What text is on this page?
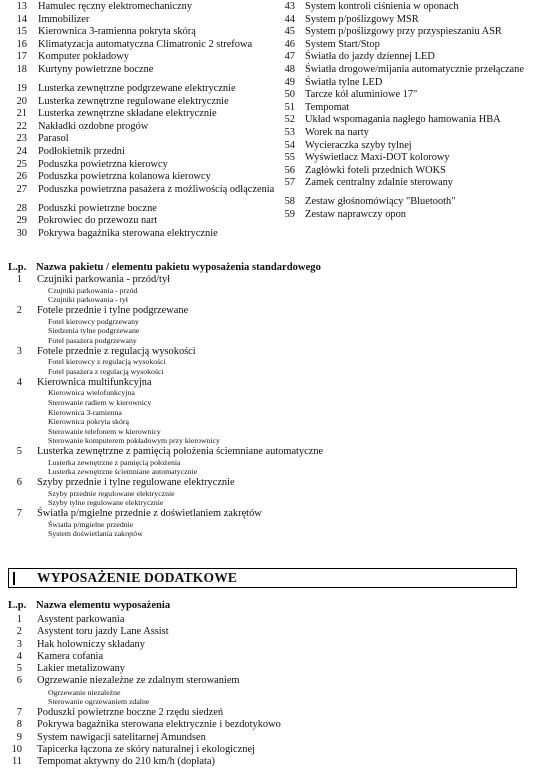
13	Hamulec ręczny elektromechaniczny
14	Immobilizer
15	Kierownica 3-ramienna pokryta skórą
16	Klimatyzacja automatyczna Climatronic 2 strefowa
17	Komputer pokładowy
18	Kurtyny powietrzne boczne
19	Lusterka zewnętrzne podgrzewane elektrycznie
20	Lusterka zewnętrzne regulowane elektrycznie
21	Lusterka zewnętrzne składane elektrycznie
22	Nakładki ozdobne progów
23	Parasol
24	Podłokietnik przedni
25	Poduszka powietrzna kierowcy
26	Poduszka powietrzna kolanowa kierowcy
27	Poduszka powietrzna pasażera z możliwością odłączenia
28	Poduszki powietrzne boczne
29	Pokrowiec do przewozu nart
30	Pokrywa bagażnika sterowana elektrycznie
43 System kontroli ciśnienia w oponach
44 System p/poślizgowy MSR
45 System p/poślizgowy przy przyspieszaniu ASR
46 System Start/Stop
47 Światła do jazdy dziennej LED
48 Światła drogowe/mijania automatycznie przełączane
49 Światła tylne LED
50 Tarcze kół aluminiowe 17"
51 Tempomat
52 Układ wspomagania nagłego hamowania HBA
53 Worek na narty
54 Wycieraczka szyby tylnej
55 Wyświetlacz Maxi-DOT kolorowy
56 Zagłówki foteli przednich WOKS
57 Zamek centralny zdalnie sterowany
58 Zestaw głośnomówiący "Bluetooth"
59 Zestaw naprawczy opon
L.p. Nazwa pakietu / elementu pakietu wyposażenia standardowego
1	Czujniki parkowania - przód/tył
Czujniki parkowania - przód
Czujniki parkowania - tył
2	Fotele przednie i tylne podgrzewane
Fotel kierowcy podgrzewany
Siedzenia tylne podgrzewane
Fotel pasażera podgrzewany
3	Fotele przednie z regulacją wysokości
Fotel kierowcy z regulacją wysokości
Fotel pasażera z regulacją wysokości
4	Kierownica multifunkcyjna
Kierownica wielofunkcyjna
Sterowanie radiem w kierownicy
Kierownica 3-ramienna
Kierownica pokryta skórą
Sterowanie telefonem w kierownicy
Sterowanie komputerem pokładowym przy kierownicy
5	Lusterka zewnętrzne z pamięcią położenia ściemniane automatyczne
Lusterka zewnętrzne z pamięcią położenia
Lusterka zewnętrzne ściemniane automatycznie
6	Szyby przednie i tylne regulowane elektrycznie
Szyby przednie regulowane elektrycznie
Szyby tylne regulowane elektrycznie
7	Światła p/mgielne przednie z doświetlaniem zakrętów
Światła p/mgielne przednie
System doświetlania zakrętów
WYPOSAŻENIE DODATKOWE
L.p. Nazwa elementu wyposażenia
1	Asystent parkowania
2	Asystent toru jazdy Lane Assist
3	Hak holowniczy składany
4	Kamera cofania
5	Lakier metalizowany
6	Ogrzewanie niezależne ze zdalnym sterowaniem
Ogrzewanie niezależne
Sterowanie ogrzewaniem zdalne
7	Poduszki powietrzne boczne 2 rzędu siedzeń
8	Pokrywa bagażnika sterowana elektrycznie i bezdotykowo
9	System nawigacji satelitarnej Amundsen
10	Tapicerka łączona ze skóry naturalnej i ekologicznej
11	Tempomat aktywny do 210 km/h (dopłata)
